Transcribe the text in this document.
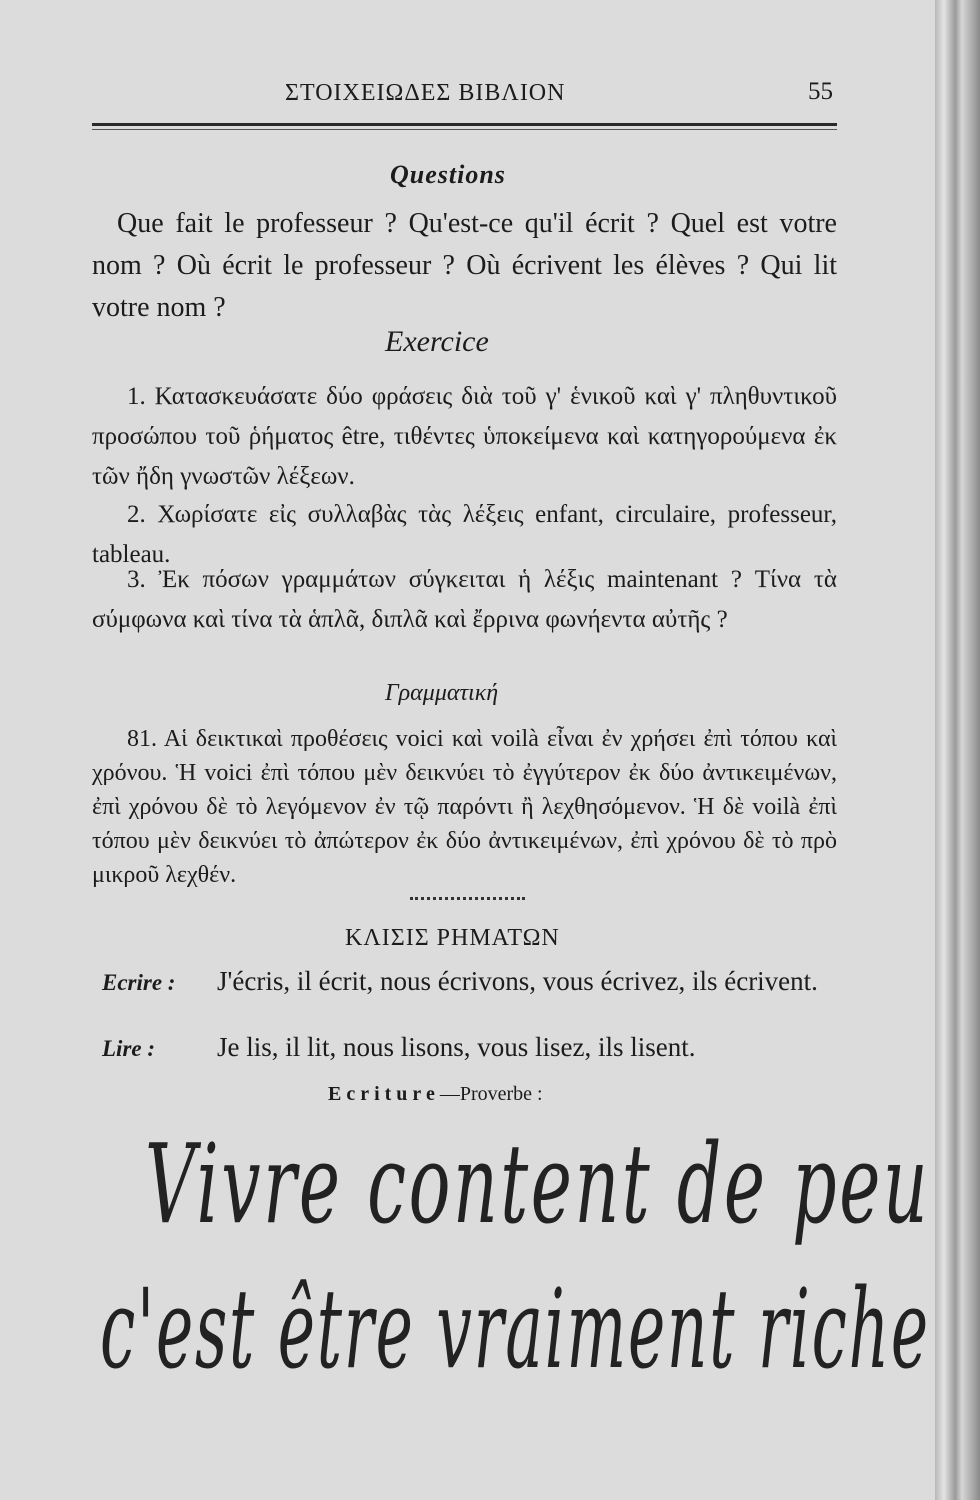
ΣΤΟΙΧΕΙΩΔΕΣ ΒΙΒΛΙΟΝ	55
Questions
Que fait le professeur ? Qu'est-ce qu'il écrit ? Quel est votre nom ? Où écrit le professeur ? Où écrivent les élèves ? Qui lit votre nom ?
Exercice
1. Κατασκευάσατε δύο φράσεις διὰ τοῦ γ' ἑνικοῦ καὶ γ' πληθυντικοῦ προσώπου τοῦ ῥήματος être, τιθέντες ὑποκείμενα καὶ κατηγορούμενα ἐκ τῶν ἤδη γνωστῶν λέξεων.
2. Χωρίσατε εἰς συλλαβὰς τὰς λέξεις enfant, circulaire, professeur, tableau.
3. Ἐκ πόσων γραμμάτων σύγκειται ἡ λέξις maintenant ? Τίνα τὰ σύμφωνα καὶ τίνα τὰ ἁπλᾶ, διπλᾶ καὶ ἔρρινα φωνήεντα αὐτῆς ?
Γραμματική
81. Αἱ δεικτικαὶ προθέσεις voici καὶ voilà εἶναι ἐν χρήσει ἐπὶ τόπου καὶ χρόνου. Ἡ voici ἐπὶ τόπου μὲν δεικνύει τὸ ἐγγύτερον ἐκ δύο ἀντικειμένων, ἐπὶ χρόνου δὲ τὸ λεγόμενον ἐν τῷ παρόντι ἢ λεχθησόμενον. Ἡ δὲ voilà ἐπὶ τόπου μὲν δεικνύει τὸ ἀπώτερον ἐκ δύο ἀντικειμένων, ἐπὶ χρόνου δὲ τὸ πρὸ μικροῦ λεχθέν.
ΚΛΙΣΙΣ ΡΗΜΑΤΩΝ
Ecrire : J'écris, il écrit, nous écrivons, vous écrivez, ils écrivent.
Lire : Je lis, il lit, nous lisons, vous lisez, ils lisent.
Ecriture—Proverbe :
Vivre content de peu
c'est être vraiment riche
